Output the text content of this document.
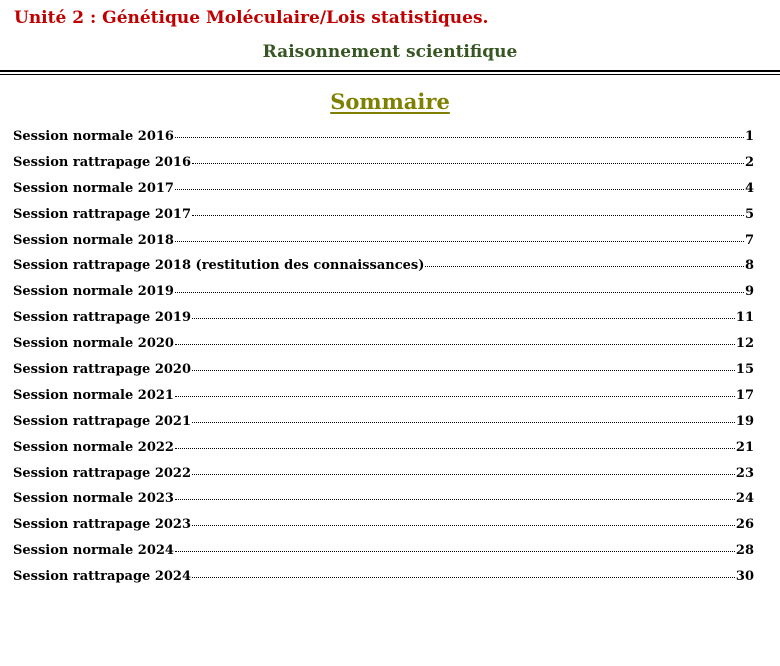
Unité 2 : Génétique Moléculaire/Lois statistiques.
Raisonnement scientifique
Sommaire
Session normale 2016	1
Session rattrapage 2016	2
Session normale 2017	4
Session rattrapage 2017	5
Session normale 2018	7
Session rattrapage 2018 (restitution des connaissances)	8
Session normale 2019	9
Session rattrapage 2019	11
Session normale 2020	12
Session rattrapage 2020	15
Session normale 2021	17
Session rattrapage 2021	19
Session normale 2022	21
Session rattrapage 2022	23
Session normale 2023	24
Session rattrapage 2023	26
Session normale 2024	28
Session rattrapage 2024	30
